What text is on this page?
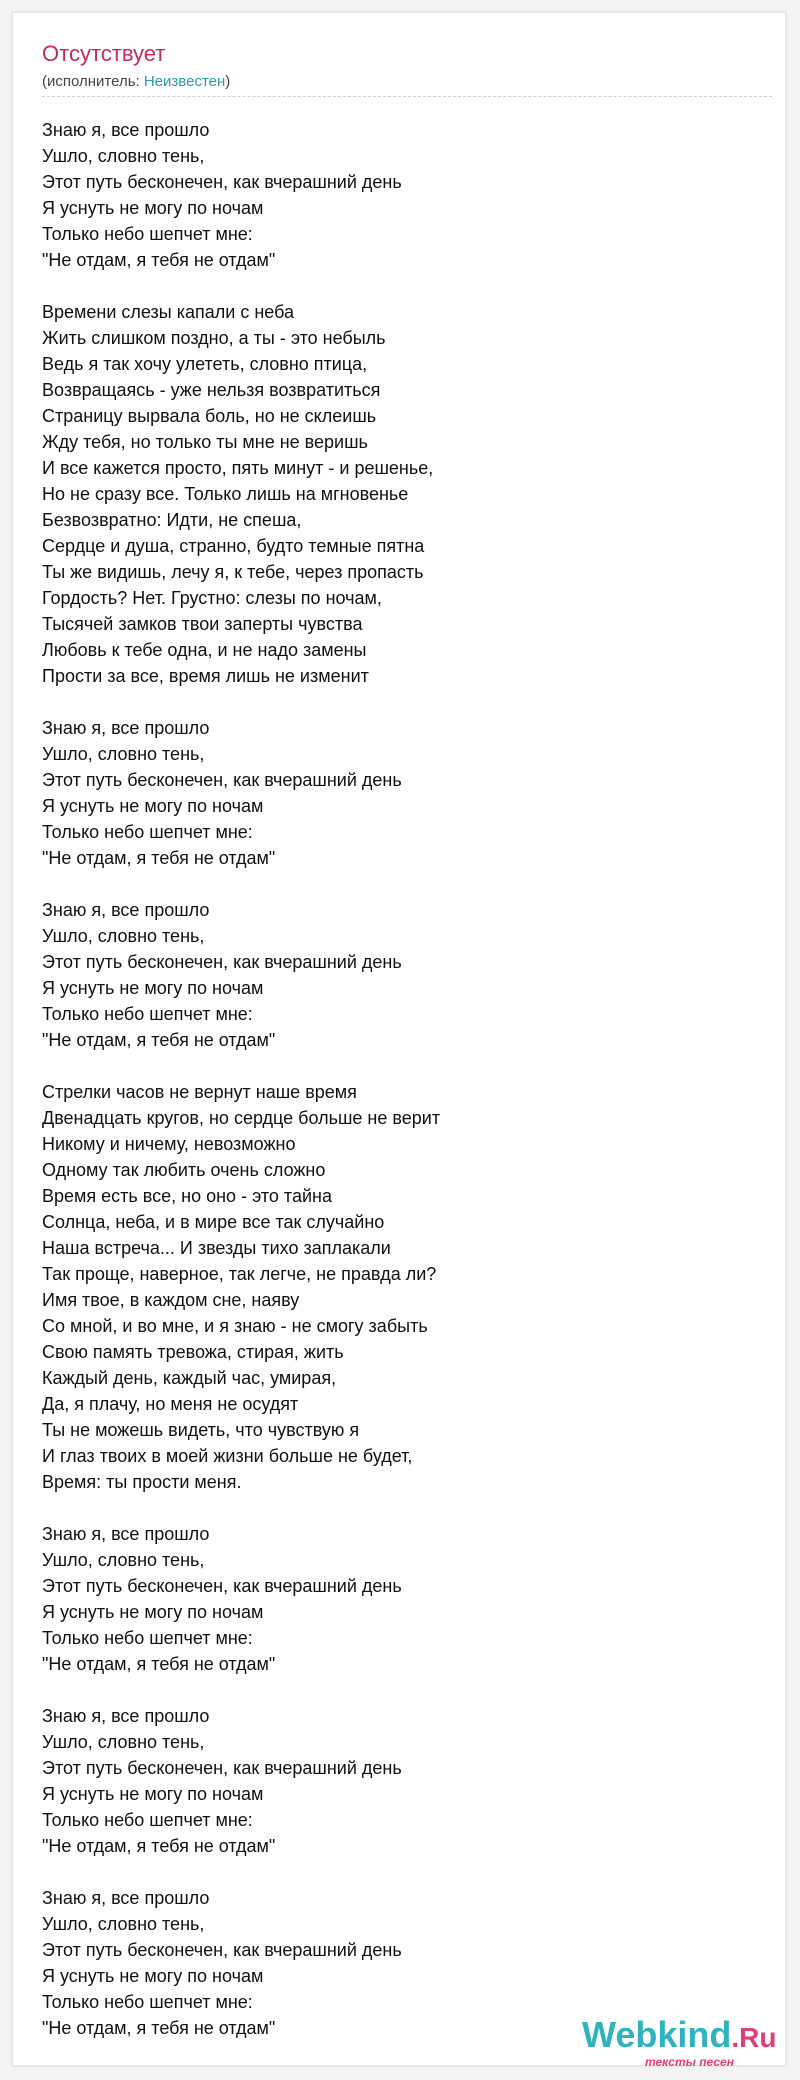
Отсутствует
(исполнитель: Неизвестен)
Знаю я, все прошло
Ушло, словно тень,
Этот путь бесконечен, как вчерашний день
Я уснуть не могу по ночам
Только небо шепчет мне:
"Не отдам, я тебя не отдам"
Времени слезы капали с неба
Жить слишком поздно, а ты - это небыль
Ведь я так хочу улететь, словно птица,
Возвращаясь - уже нельзя возвратиться
Страницу вырвала боль, но не склеишь
Жду тебя, но только ты мне не веришь
И все кажется просто, пять минут - и решенье,
Но не сразу все. Только лишь на мгновенье
Безвозвратно: Идти, не спеша,
Сердце и душа, странно, будто темные пятна
Ты же видишь, лечу я, к тебе, через пропасть
Гордость? Нет. Грустно: слезы по ночам,
Тысячей замков твои заперты чувства
Любовь к тебе одна, и не надо замены
Прости за все, время лишь не изменит
Знаю я, все прошло
Ушло, словно тень,
Этот путь бесконечен, как вчерашний день
Я уснуть не могу по ночам
Только небо шепчет мне:
"Не отдам, я тебя не отдам"
Знаю я, все прошло
Ушло, словно тень,
Этот путь бесконечен, как вчерашний день
Я уснуть не могу по ночам
Только небо шепчет мне:
"Не отдам, я тебя не отдам"
Стрелки часов не вернут наше время
Двенадцать кругов, но сердце больше не верит
Никому и ничему, невозможно
Одному так любить очень сложно
Время есть все, но оно - это тайна
Солнца, неба, и в мире все так случайно
Наша встреча... И звезды тихо заплакали
Так проще, наверное, так легче, не правда ли?
Имя твое, в каждом сне, наяву
Со мной, и во мне, и я знаю - не смогу забыть
Свою память тревожа, стирая, жить
Каждый день, каждый час, умирая,
Да, я плачу, но меня не осудят
Ты не можешь видеть, что чувствую я
И глаз твоих в моей жизни больше не будет,
Время: ты прости меня.
Знаю я, все прошло
Ушло, словно тень,
Этот путь бесконечен, как вчерашний день
Я уснуть не могу по ночам
Только небо шепчет мне:
"Не отдам, я тебя не отдам"
Знаю я, все прошло
Ушло, словно тень,
Этот путь бесконечен, как вчерашний день
Я уснуть не могу по ночам
Только небо шепчет мне:
"Не отдам, я тебя не отдам"
Знаю я, все прошло
Ушло, словно тень,
Этот путь бесконечен, как вчерашний день
Я уснуть не могу по ночам
Только небо шепчет мне:
"Не отдам, я тебя не отдам"	Webkind.Ru
тексты песен
